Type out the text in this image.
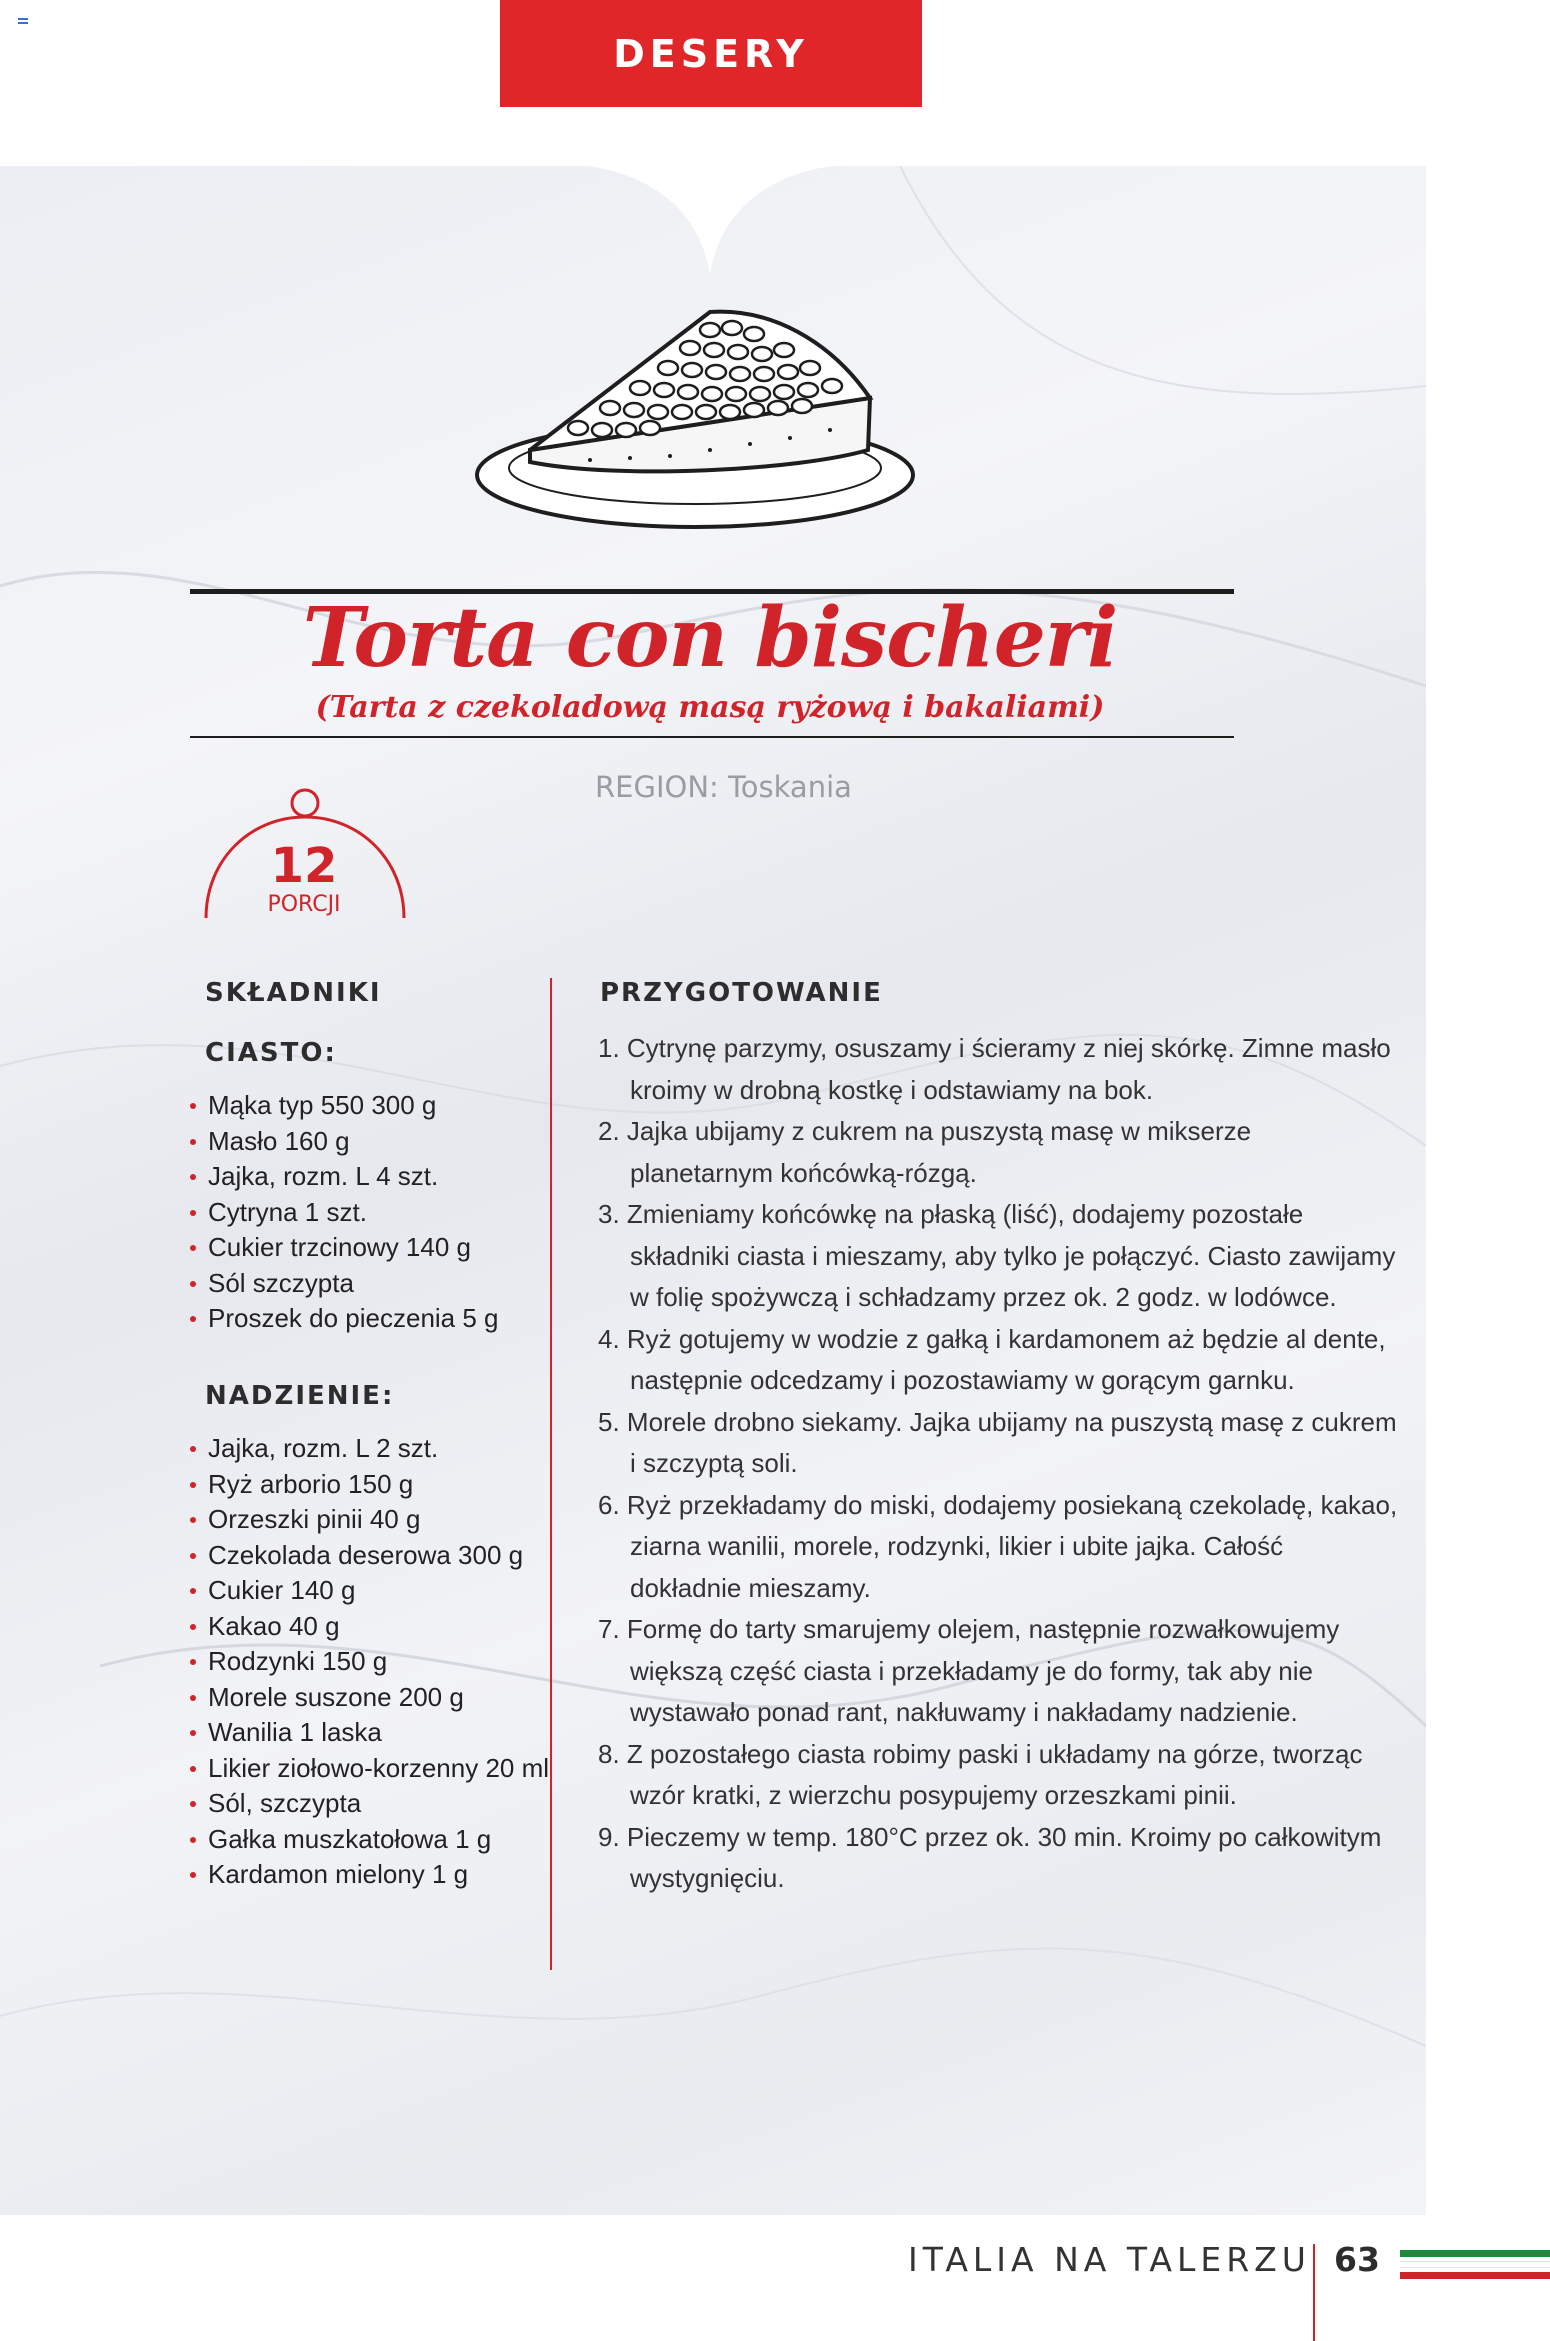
DESERY
Torta con bischeri
(Tarta z czekoladową masą ryżową i bakaliami)
REGION: Toskania
12
PORCJI
SKŁADNIKI
CIASTO:
Mąka typ 550 300 g
Masło 160 g
Jajka, rozm. L 4 szt.
Cytryna 1 szt.
Cukier trzcinowy 140 g
Sól szczypta
Proszek do pieczenia 5 g
NADZIENIE:
Jajka, rozm. L 2 szt.
Ryż arborio 150 g
Orzeszki pinii 40 g
Czekolada deserowa 300 g
Cukier 140 g
Kakao 40 g
Rodzynki 150 g
Morele suszone 200 g
Wanilia 1 laska
Likier ziołowo-korzenny 20 ml
Sól, szczypta
Gałka muszkatołowa 1 g
Kardamon mielony 1 g
PRZYGOTOWANIE
1. Cytrynę parzymy, osuszamy i ścieramy z niej skórkę. Zimne masło kroimy w drobną kostkę i odstawiamy na bok.
2. Jajka ubijamy z cukrem na puszystą masę w mikserze planetarnym końcówką-rózgą.
3. Zmieniamy końcówkę na płaską (liść), dodajemy pozostałe składniki ciasta i mieszamy, aby tylko je połączyć. Ciasto zawijamy w folię spożywczą i schładzamy przez ok. 2 godz. w lodówce.
4. Ryż gotujemy w wodzie z gałką i kardamonem aż będzie al dente, następnie odcedzamy i pozostawiamy w gorącym garnku.
5. Morele drobno siekamy. Jajka ubijamy na puszystą masę z cukrem i szczyptą soli.
6. Ryż przekładamy do miski, dodajemy posiekaną czekoladę, kakao, ziarna wanilii, morele, rodzynki, likier i ubite jajka. Całość dokładnie mieszamy.
7. Formę do tarty smarujemy olejem, następnie rozwałkowujemy większą część ciasta i przekładamy je do formy, tak aby nie wystawało ponad rant, nakłuwamy i nakładamy nadzienie.
8. Z pozostałego ciasta robimy paski i układamy na górze, tworząc wzór kratki, z wierzchu posypujemy orzeszkami pinii.
9. Pieczemy w temp. 180°C przez ok. 30 min. Kroimy po całkowitym wystygnięciu.
ITALIA NA TALERZU 63
